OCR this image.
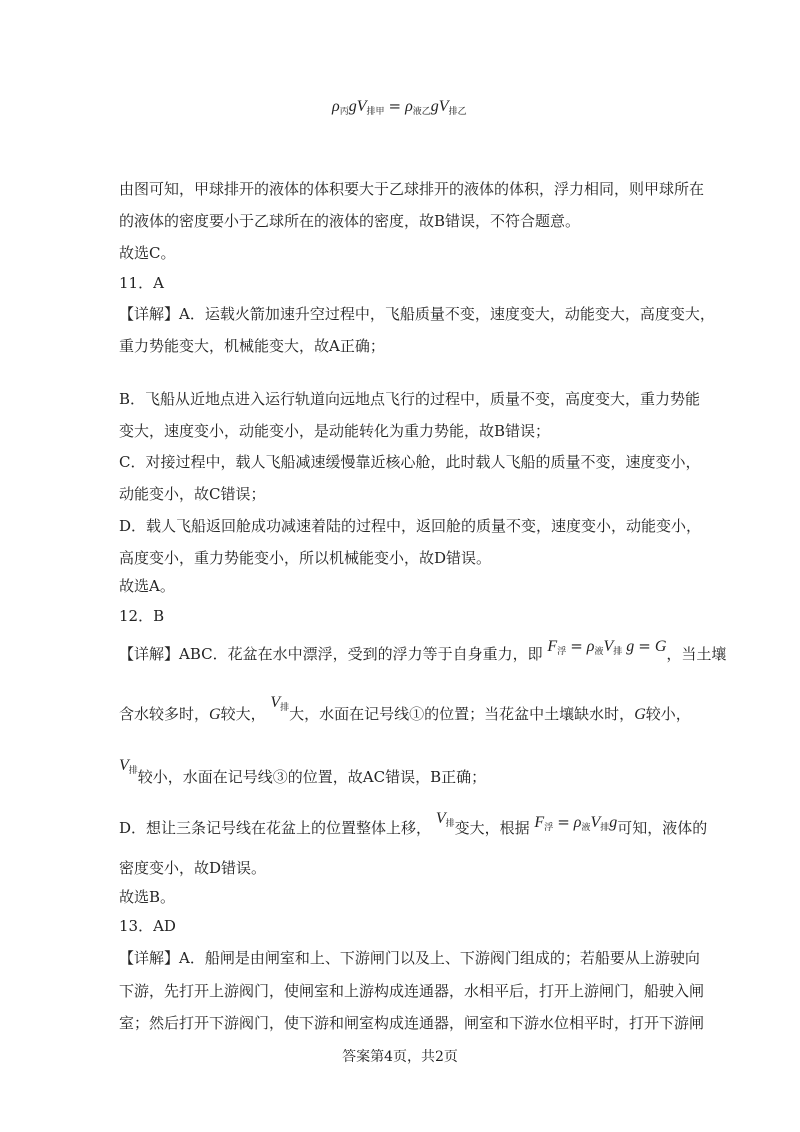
$\rho_丙gV_{排甲} = \rho_{液乙}gV_{排乙}$
由图可知，甲球排开的液体的体积要大于乙球排开的液体的体积，浮力相同，则甲球所在
的液体的密度要小于乙球所在的液体的密度，故B错误，不符合题意。
故选C。
11．A
【详解】A．运载火箭加速升空过程中，飞船质量不变，速度变大，动能变大，高度变大，
重力势能变大，机械能变大，故A正确；
B．飞船从近地点进入运行轨道向远地点飞行的过程中，质量不变，高度变大，重力势能
变大，速度变小，动能变小，是动能转化为重力势能，故B错误；
C．对接过程中，载人飞船减速缓慢靠近核心舱，此时载人飞船的质量不变，速度变小，
动能变小，故C错误；
D．载人飞船返回舱成功减速着陆的过程中，返回舱的质量不变，速度变小，动能变小，
高度变小，重力势能变小，所以机械能变小，故D错误。
故选A。
12．B
【详解】ABC．花盆在水中漂浮，受到的浮力等于自身重力，即 $F_浮 = \rho_液V_排$ g = G，当土壤
含水较多时，G较大， $V_排$大，水面在记号线①的位置；当花盆中土壤缺水时，G较小，
$V_排$较小，水面在记号线③的位置，故AC错误，B正确；
D．想让三条记号线在花盆上的位置整体上移， $V_排$变大，根据 $F_浮 = \rho_液V_排g$可知，液体的
密度变小，故D错误。
故选B。
13．AD
【详解】A．船闸是由闸室和上、下游闸门以及上、下游阀门组成的；若船要从上游驶向
下游，先打开上游阀门，使闸室和上游构成连通器，水相平后，打开上游闸门，船驶入闸
室；然后打开下游阀门，使下游和闸室构成连通器，闸室和下游水位相平时，打开下游闸
答案第4页，共2页
